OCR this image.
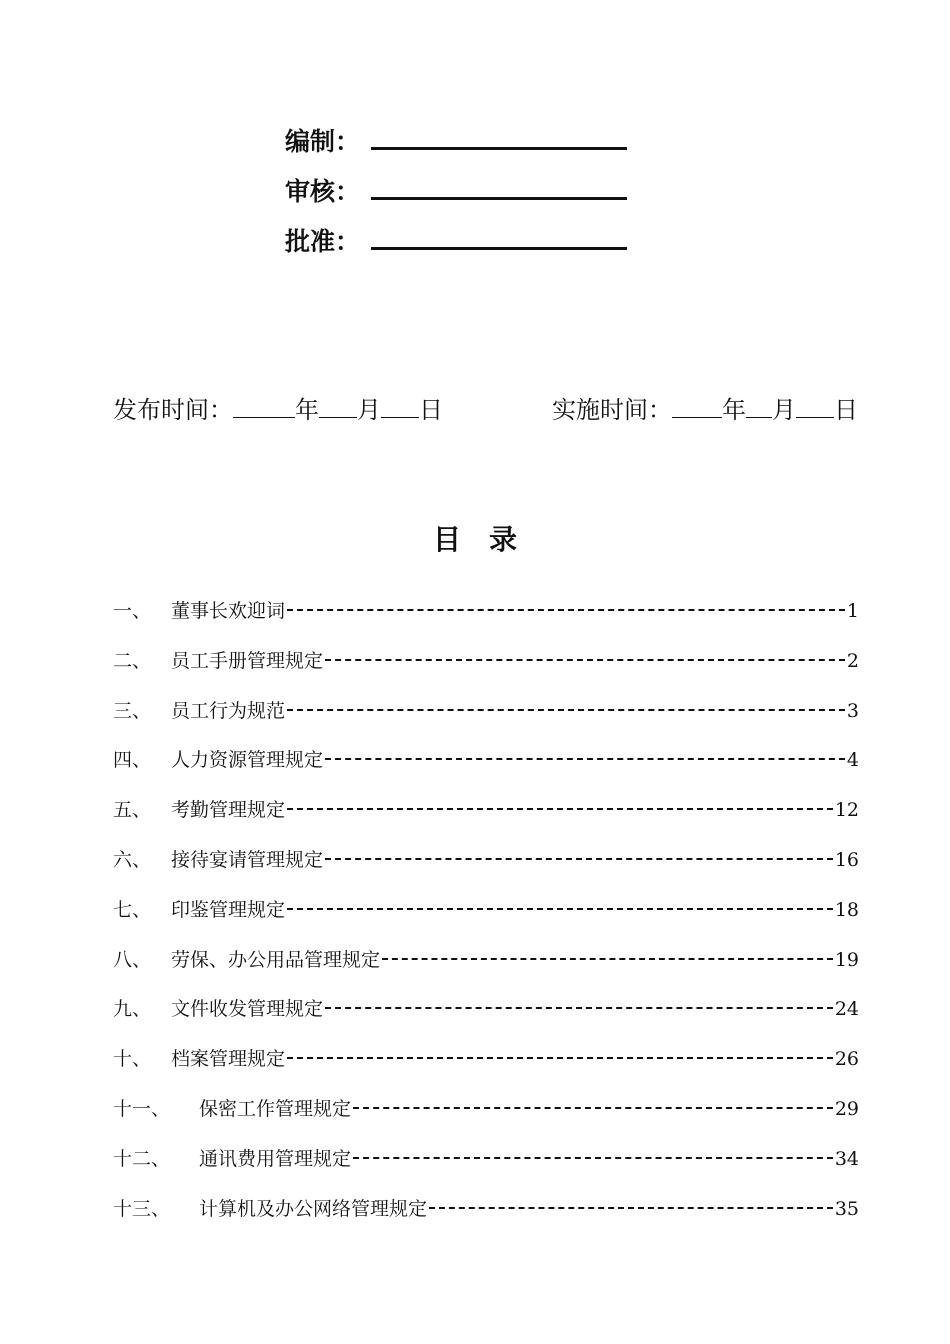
编制：
审核：
批准：
发布时间：	年 月 日	实施时间： 年 月 日
目 录
一、	董事长欢迎词	1
二、	员工手册管理规定	2
三、	员工行为规范	3
四、	人力资源管理规定	4
五、	考勤管理规定	12
六、	接待宴请管理规定	16
七、	印鉴管理规定	18
八、	劳保、办公用品管理规定	19
九、	文件收发管理规定	24
十、	档案管理规定	26
十一、	保密工作管理规定	29
十二、	通讯费用管理规定	34
十三、	计算机及办公网络管理规定	35
